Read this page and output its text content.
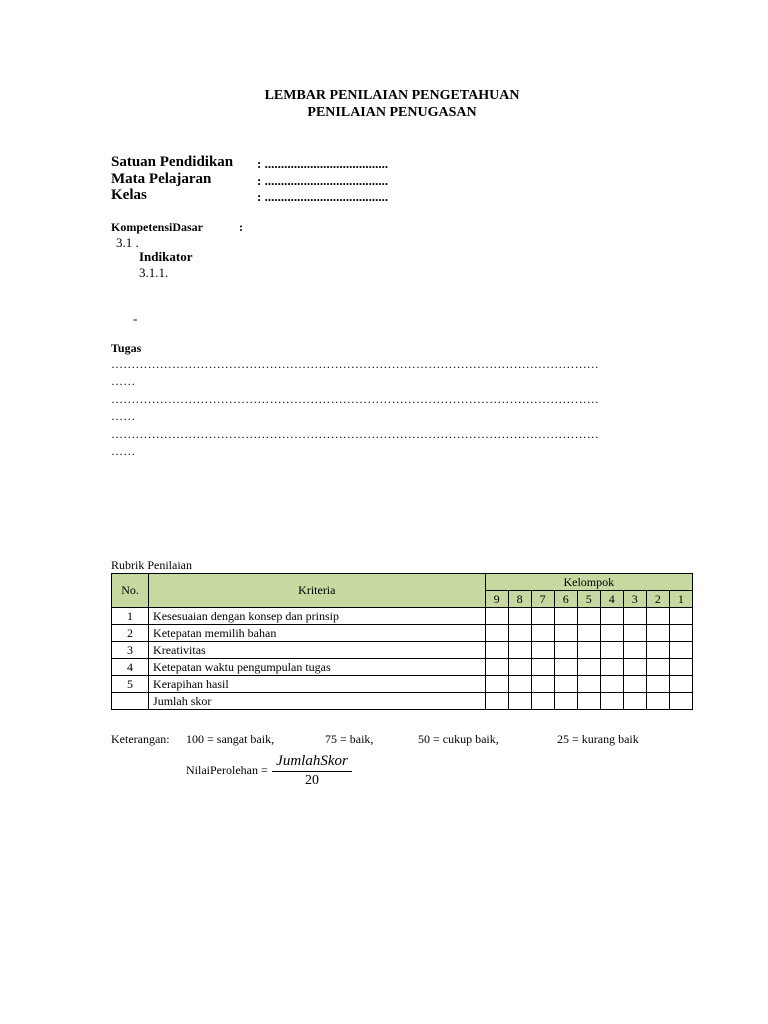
LEMBAR PENILAIAN PENGETAHUAN
PENILAIAN PENUGASAN
Satuan Pendidikan : ......................................
Mata Pelajaran	: ......................................
Kelas	: ......................................
KompetensiDasar	:
3.1 .
Indikator
3.1.1.
-
Tugas
…………………………………………………………………………………………………………
……
…………………………………………………………………………………………………………
……
…………………………………………………………………………………………………………
……
Rubrik Penilaian
No.	Kriteria	Kelompok								
		9	8	7	6	5	4	3	2	1
1	Kesesuaian dengan konsep dan prinsip									
2	Ketepatan memilih bahan									
3	Kreativitas									
4	Ketepatan waktu pengumpulan tugas									
5	Kerapihan hasil									
	Jumlah skor									
Keterangan: 100 = sangat baik,	75 = baik,	50 = cukup baik,	25 = kurang baik
NilaiPerolehan =
JumlahSkor
20
